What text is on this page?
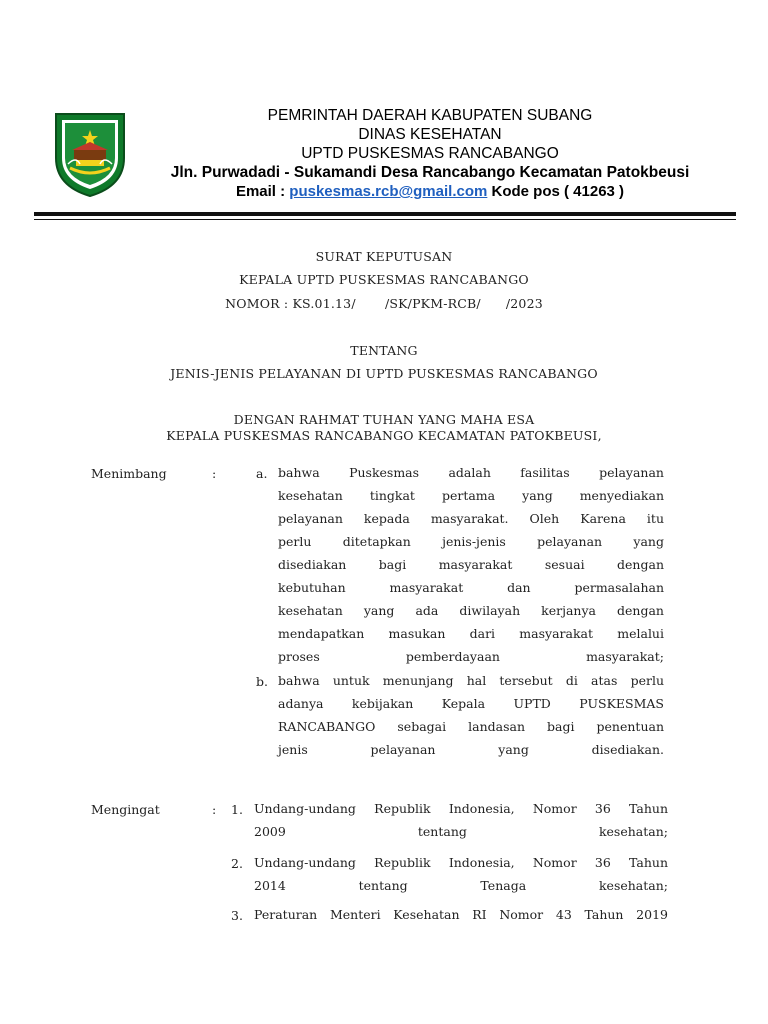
PEMRINTAH DAERAH KABUPATEN SUBANG
DINAS KESEHATAN
UPTD PUSKESMAS RANCABANGO
Jln. Purwadadi - Sukamandi Desa Rancabango Kecamatan Patokbeusi
Email : puskesmas.rcb@gmail.com Kode pos ( 41263 )
SURAT KEPUTUSAN
KEPALA UPTD PUSKESMAS RANCABANGO
NOMOR : KS.01.13/       /SK/PKM-RCB/      /2023
TENTANG
JENIS-JENIS PELAYANAN DI UPTD PUSKESMAS RANCABANGO
DENGAN RAHMAT TUHAN YANG MAHA ESA
KEPALA PUSKESMAS RANCABANGO KECAMATAN PATOKBEUSI,
Menimbang	:	a. bahwa Puskesmas adalah fasilitas pelayanan
kesehatan tingkat pertama yang menyediakan
pelayanan kepada masyarakat. Oleh Karena itu
perlu ditetapkan jenis-jenis pelayanan yang
disediakan bagi masyarakat sesuai dengan
kebutuhan masyarakat dan permasalahan
kesehatan yang ada diwilayah kerjanya dengan
mendapatkan masukan dari masyarakat melalui
proses pemberdayaan masyarakat;
b. bahwa untuk menunjang hal tersebut di atas perlu
adanya kebijakan Kepala UPTD PUSKESMAS
RANCABANGO sebagai landasan bagi penentuan
jenis pelayanan yang disediakan.
Mengingat	: 1. Undang-undang Republik Indonesia, Nomor 36 Tahun
2009 tentang kesehatan;
2. Undang-undang Republik Indonesia, Nomor 36 Tahun
2014 tentang Tenaga kesehatan;
3. Peraturan Menteri Kesehatan RI Nomor 43 Tahun 2019
